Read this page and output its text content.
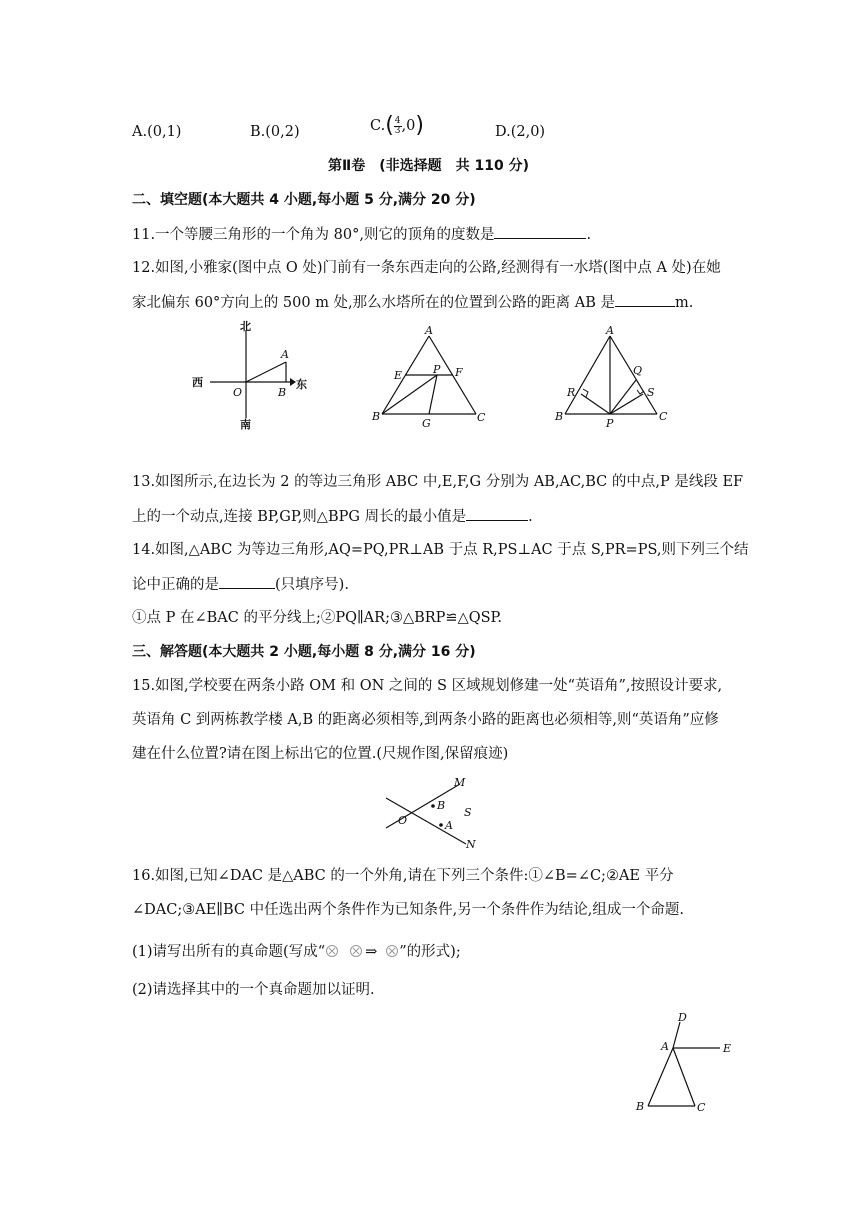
A.(0,1)	B.(0,2)	$C.( \frac{4}{3} ,0)$	D.(2,0)
第Ⅱ卷　(非选择题　共 110 分)
二、填空题(本大题共 4 小题,每小题 5 分,满分 20 分)
11.一个等腰三角形的一个角为 80°,则它的顶角的度数是	.
12.如图,小雅家(图中点 O 处)门前有一条东西走向的公路,经测得有一水塔(图中点 A 处)在她
家北偏东 60°方向上的 500 m 处,那么水塔所在的位置到公路的距离 AB 是	m.
北
南
西	东
O
A
B
A
B	C
E	F
P
G
A
B	C
P
Q
R	S
13.如图所示,在边长为 2 的等边三角形 ABC 中,E,F,G 分别为 AB,AC,BC 的中点,P 是线段 EF
上的一个动点,连接 BP,GP,则△BPG 周长的最小值是	.
14.如图,△ABC 为等边三角形,AQ=PQ,PR⊥AB 于点 R,PS⊥AC 于点 S,PR=PS,则下列三个结
论中正确的是	(只填序号).
①点 P 在∠BAC 的平分线上;②PQ∥AR;③△BRP≌△QSP.
三、解答题(本大题共 2 小题,每小题 8 分,满分 16 分)
15.如图,学校要在两条小路 OM 和 ON 之间的 S 区域规划修建一处“英语角”,按照设计要求,
英语角 C 到两栋教学楼 A,B 的距离必须相等,到两条小路的距离也必须相等,则“英语角”应修
建在什么位置?请在图上标出它的位置.(尺规作图,保留痕迹)
M
N
O
B
A
S
16.如图,已知∠DAC 是△ABC 的一个外角,请在下列三个条件:①∠B=∠C;②AE 平分
∠DAC;③AE∥BC 中任选出两个条件作为已知条件,另一个条件作为结论,组成一个命题.
(1)请写出所有的真命题(写成“	⇒ ”的形式);
(2)请选择其中的一个真命题加以证明.
D
A	E
B	C
